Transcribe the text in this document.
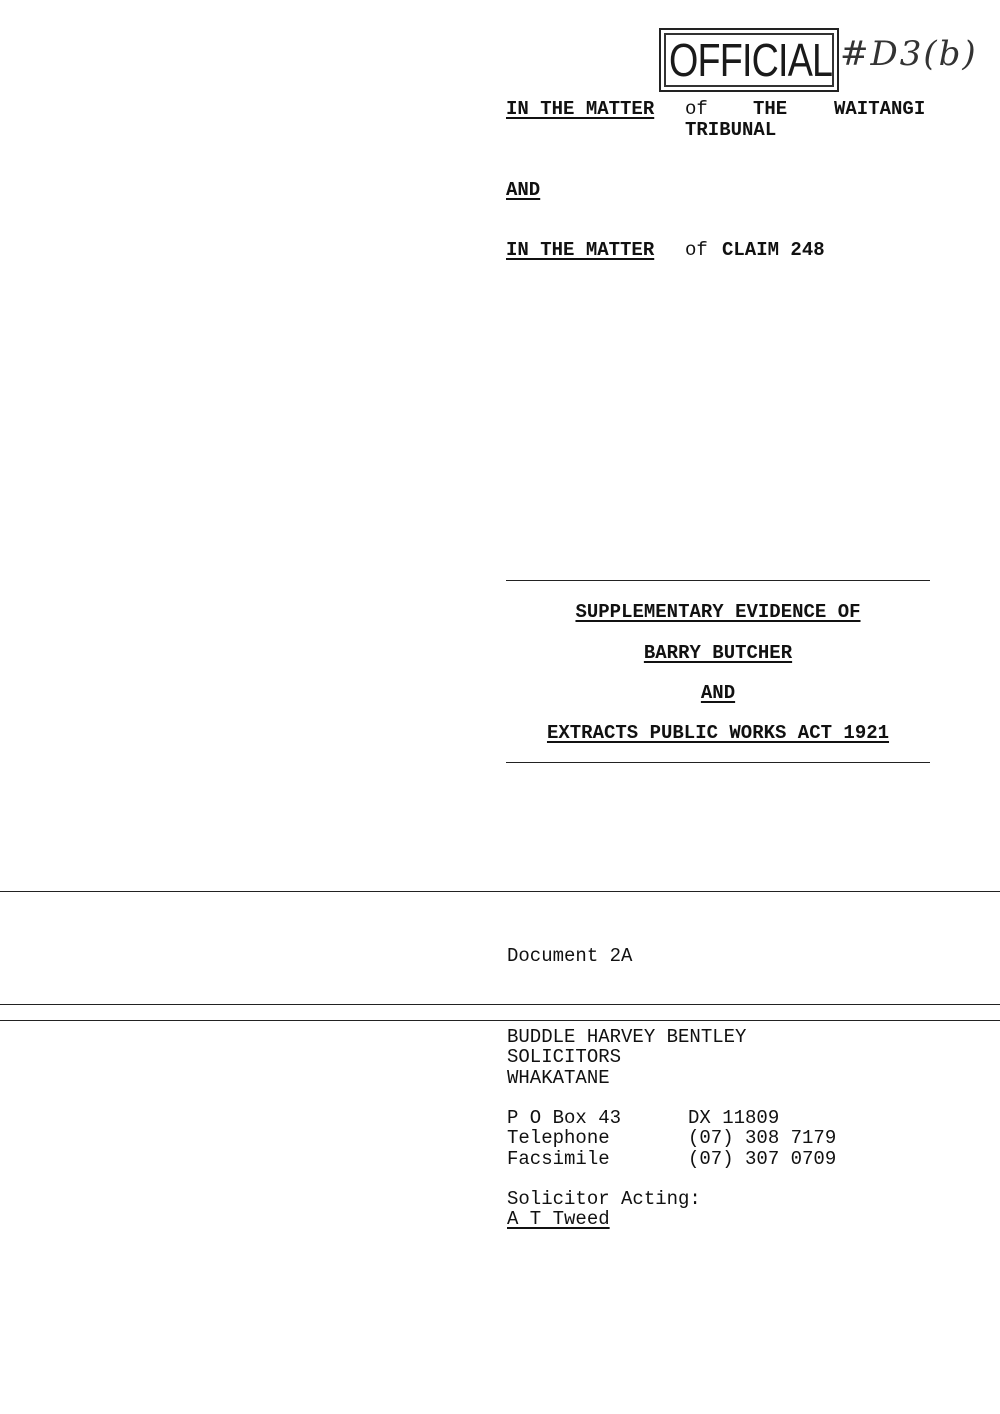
OFFICIAL #D3(b)
IN THE MATTER of THE WAITANGI
TRIBUNAL
AND
IN THE MATTER of CLAIM 248
SUPPLEMENTARY EVIDENCE OF
BARRY BUTCHER
AND
EXTRACTS PUBLIC WORKS ACT 1921
Document 2A
BUDDLE HARVEY BENTLEY
SOLICITORS
WHAKATANE
P O Box 43	DX 11809
Telephone	(07) 308 7179
Facsimile	(07) 307 0709
Solicitor Acting:
A T Tweed
